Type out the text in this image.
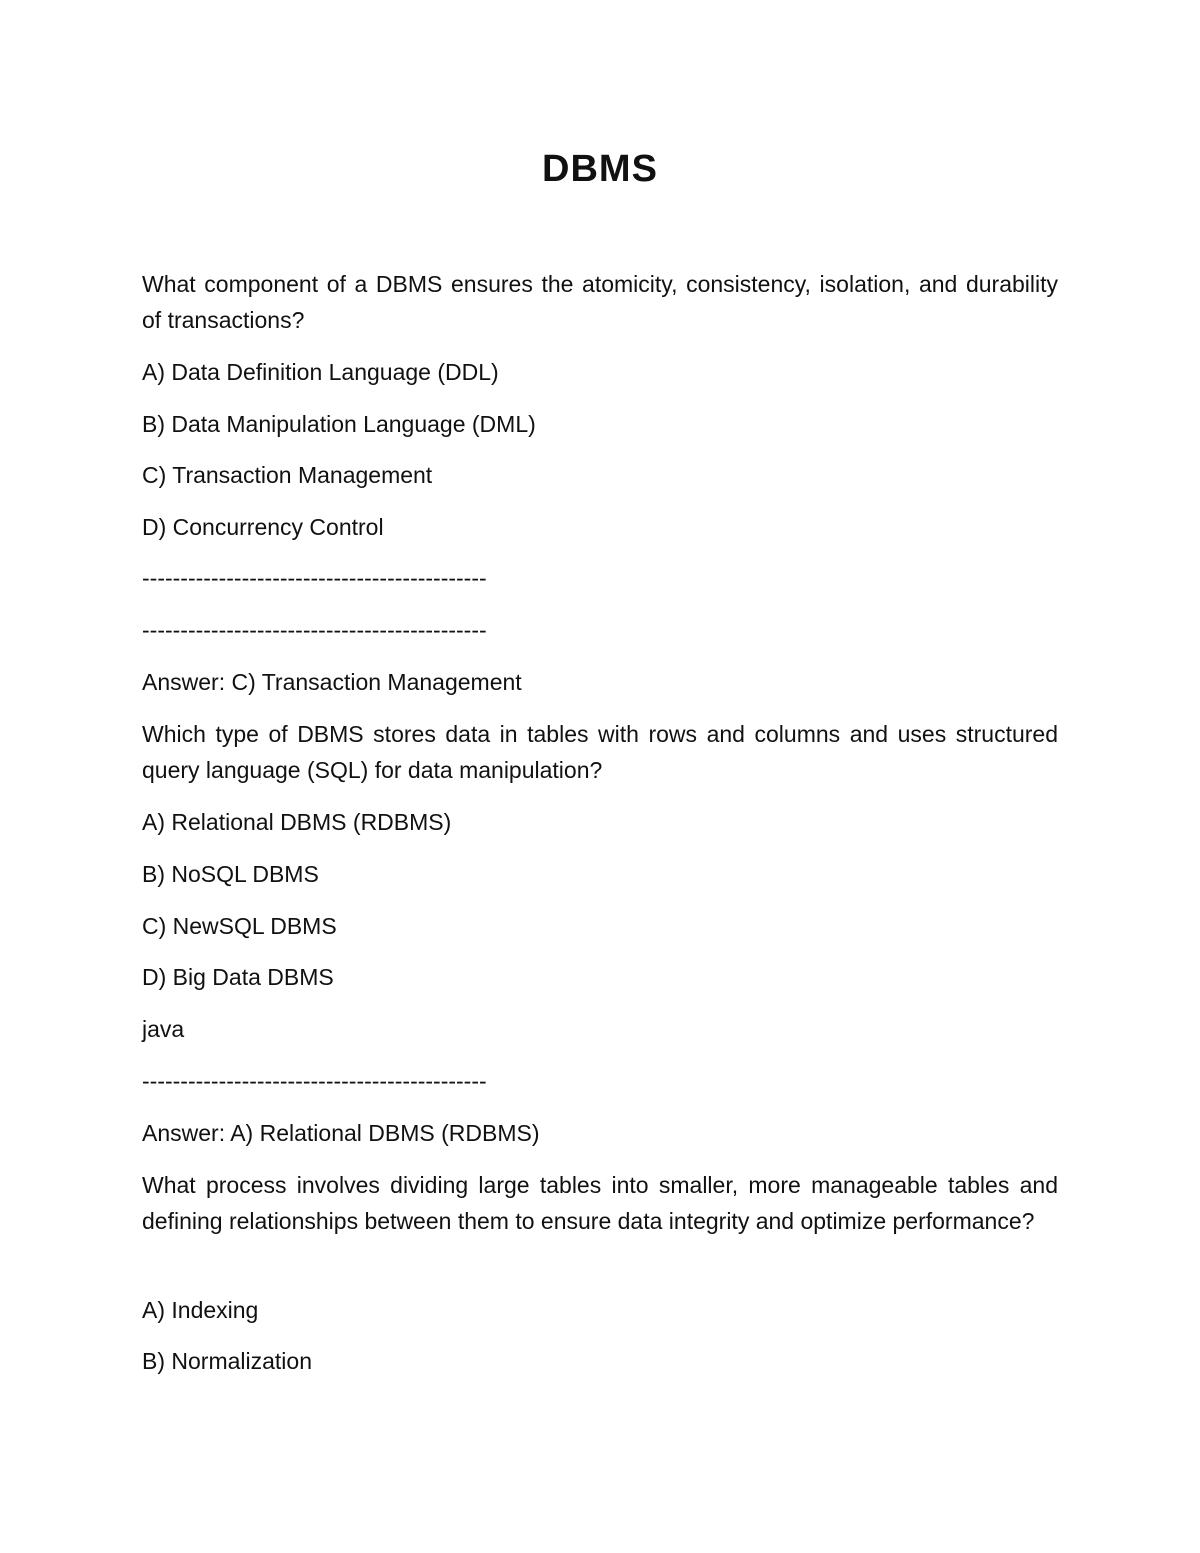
DBMS

What component of a DBMS ensures the atomicity, consistency, isolation, and durability of transactions?

A) Data Definition Language (DDL)

B) Data Manipulation Language (DML)

C) Transaction Management

D) Concurrency Control

---------------------------------------------

---------------------------------------------

Answer: C) Transaction Management

Which type of DBMS stores data in tables with rows and columns and uses structured query language (SQL) for data manipulation?

A) Relational DBMS (RDBMS)

B) NoSQL DBMS

C) NewSQL DBMS

D) Big Data DBMS

java

---------------------------------------------

Answer: A) Relational DBMS (RDBMS)

What process involves dividing large tables into smaller, more manageable tables and defining relationships between them to ensure data integrity and optimize performance?

A) Indexing

B) Normalization
